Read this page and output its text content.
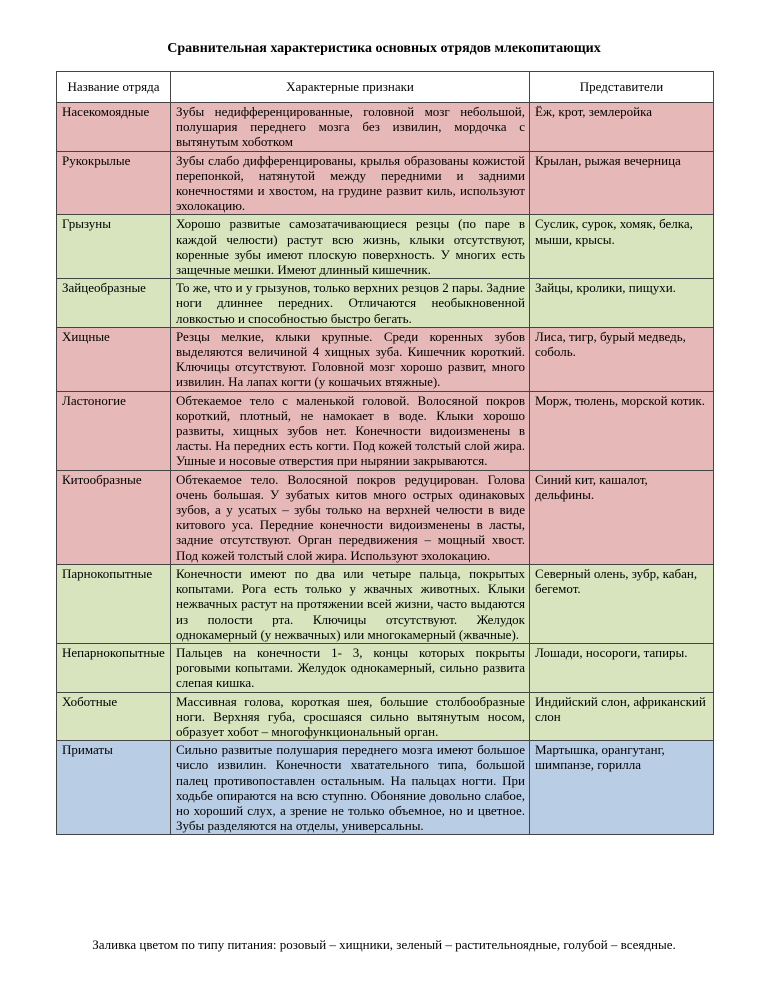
Сравнительная характеристика основных отрядов млекопитающих
Название отряда	Характерные признаки	Представители
Насекомоядные	Зубы недифференцированные, головной мозг небольшой, полушария переднего мозга без извилин, мордочка с вытянутым хоботком	Ёж, крот, землеройка
Рукокрылые	Зубы слабо дифференцированы, крылья образованы кожистой перепонкой, натянутой между передними и задними конечностями и хвостом, на грудине развит киль, используют эхолокацию.	Крылан, рыжая вечерница
Грызуны	Хорошо развитые самозатачивающиеся резцы (по паре в каждой челюсти) растут всю жизнь, клыки отсутствуют, коренные зубы имеют плоскую поверхность. У многих есть защечные мешки. Имеют длинный кишечник.	Суслик, сурок, хомяк, белка, мыши, крысы.
Зайцеобразные	То же, что и у грызунов, только верхних резцов 2 пары. Задние ноги длиннее передних. Отличаются необыкновенной ловкостью и способностью быстро бегать.	Зайцы, кролики, пищухи.
Хищные	Резцы мелкие, клыки крупные. Среди коренных зубов выделяются величиной 4 хищных зуба. Кишечник короткий. Ключицы отсутствуют. Головной мозг хорошо развит, много извилин. На лапах когти (у кошачьих втяжные).	Лиса, тигр, бурый медведь, соболь.
Ластоногие	Обтекаемое тело с маленькой головой. Волосяной покров короткий, плотный, не намокает в воде. Клыки хорошо развиты, хищных зубов нет. Конечности видоизменены в ласты. На передних есть когти. Под кожей толстый слой жира. Ушные и носовые отверстия при нырянии закрываются.	Морж, тюлень, морской котик.
Китообразные	Обтекаемое тело. Волосяной покров редуцирован. Голова очень большая. У зубатых китов много острых одинаковых зубов, а у усатых – зубы только на верхней челюсти в виде китового уса. Передние конечности видоизменены в ласты, задние отсутствуют. Орган передвижения – мощный хвост. Под кожей толстый слой жира. Используют эхолокацию.	Синий кит, кашалот, дельфины.
Парнокопытные	Конечности имеют по два или четыре пальца, покрытых копытами. Рога есть только у жвачных животных. Клыки нежвачных растут на протяжении всей жизни, часто выдаются из полости рта. Ключицы отсутствуют. Желудок однокамерный (у нежвачных) или многокамерный (жвачные).	Северный олень, зубр, кабан, бегемот.
Непарнокопытные	Пальцев на конечности 1- 3, концы которых покрыты роговыми копытами. Желудок однокамерный, сильно развита слепая кишка.	Лошади, носороги, тапиры.
Хоботные	Массивная голова, короткая шея, большие столбообразные ноги. Верхняя губа, сросшаяся сильно вытянутым носом, образует хобот – многофункциональный орган.	Индийский слон, африканский слон
Приматы	Сильно развитые полушария переднего мозга имеют большое число извилин. Конечности хватательного типа, большой палец противопоставлен остальным. На пальцах ногти. При ходьбе опираются на всю ступню. Обоняние довольно слабое, но хороший слух, а зрение не только объемное, но и цветное. Зубы разделяются на отделы, универсальны.	Мартышка, орангутанг, шимпанзе, горилла
Заливка цветом по типу питания: розовый – хищники, зеленый – растительноядные, голубой – всеядные.
